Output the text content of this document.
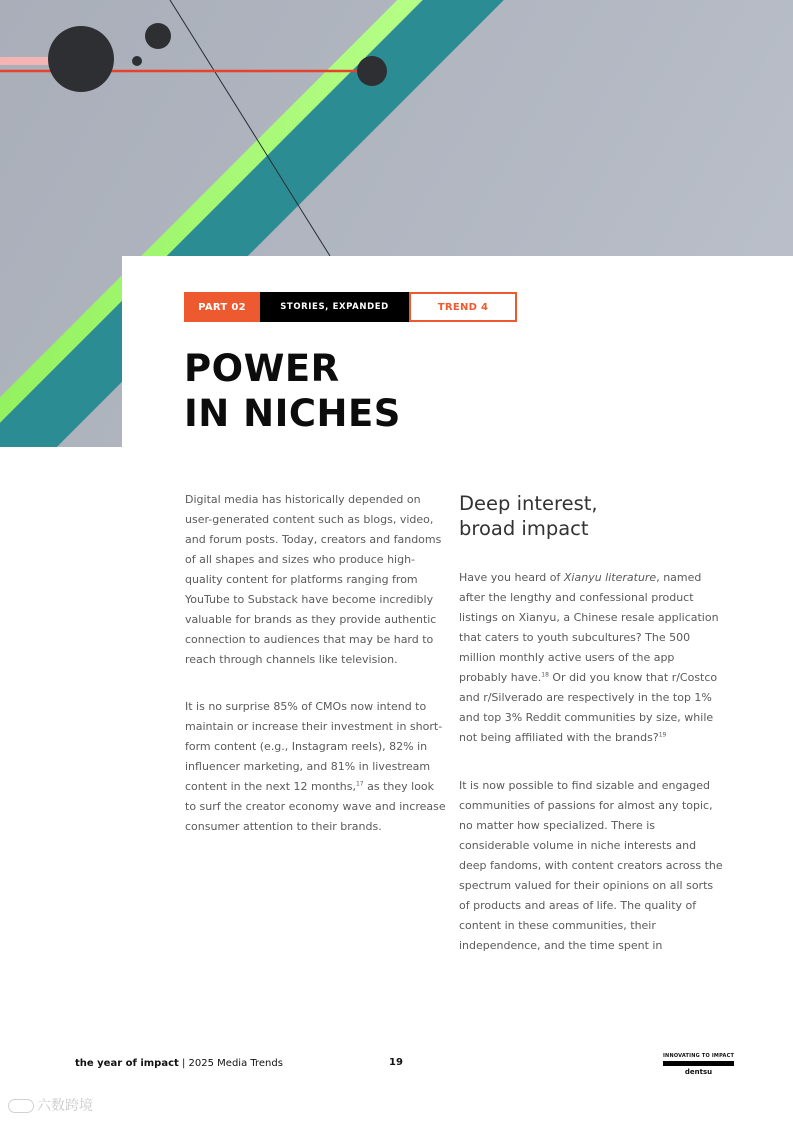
PART 02	STORIES, EXPANDED	TREND 4
POWER
IN NICHES

Digital media has historically depended on user-generated content such as blogs, video, and forum posts. Today, creators and fandoms of all shapes and sizes who produce high-quality content for platforms ranging from YouTube to Substack have become incredibly valuable for brands as they provide authentic connection to audiences that may be hard to reach through channels like television.

It is no surprise 85% of CMOs now intend to maintain or increase their investment in short-form content (e.g., Instagram reels), 82% in influencer marketing, and 81% in livestream content in the next 12 months,$^{17}$ as they look to surf the creator economy wave and increase consumer attention to their brands.

Deep interest,
broad impact

Have you heard of Xianyu literature, named after the lengthy and confessional product listings on Xianyu, a Chinese resale application that caters to youth subcultures? The 500 million monthly active users of the app probably have.$^{18}$ Or did you know that r/Costco and r/Silverado are respectively in the top 1% and top 3% Reddit communities by size, while not being affiliated with the brands?$^{19}$

It is now possible to find sizable and engaged communities of passions for almost any topic, no matter how specialized. There is considerable volume in niche interests and deep fandoms, with content creators across the spectrum valued for their opinions on all sorts of products and areas of life. The quality of content in these communities, their independence, and the time spent in

the year of impact | 2025 Media Trends	19
INNOVATING TO IMPACT
dentsu
六数跨境
